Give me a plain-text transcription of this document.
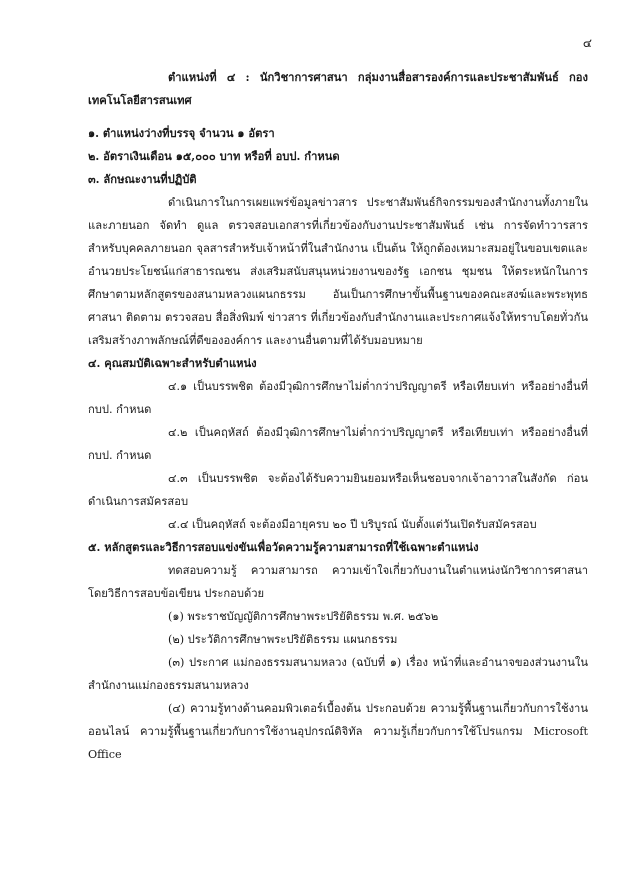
๔

ตำแหน่งที่ ๔ : นักวิชาการศาสนา กลุ่มงานสื่อสารองค์การและประชาสัมพันธ์ กองเทคโนโลยีสารสนเทศ

๑. ตำแหน่งว่างที่บรรจุ จำนวน ๑ อัตรา

๒. อัตราเงินเดือน ๑๕,๐๐๐ บาท หรือที่ อบป. กำหนด

๓. ลักษณะงานที่ปฏิบัติ

ดำเนินการในการเผยแพร่ข้อมูลข่าวสาร ประชาสัมพันธ์กิจกรรมของสำนักงานทั้งภายในและภายนอก จัดทำ ดูแล ตรวจสอบเอกสารที่เกี่ยวข้องกับงานประชาสัมพันธ์ เช่น การจัดทำวารสารสำหรับบุคคลภายนอก จุลสารสำหรับเจ้าหน้าที่ในสำนักงาน เป็นต้น ให้ถูกต้องเหมาะสมอยู่ในขอบเขตและอำนวยประโยชน์แก่สาธารณชน ส่งเสริมสนับสนุนหน่วยงานของรัฐ เอกชน ชุมชน ให้ตระหนักในการศึกษาตามหลักสูตรของสนามหลวงแผนกธรรม อันเป็นการศึกษาขั้นพื้นฐานของคณะสงฆ์และพระพุทธศาสนา ติดตาม ตรวจสอบ สื่อสิ่งพิมพ์ ข่าวสาร ที่เกี่ยวข้องกับสำนักงานและประกาศแจ้งให้ทราบโดยทั่วกัน เสริมสร้างภาพลักษณ์ที่ดีขององค์การ และงานอื่นตามที่ได้รับมอบหมาย

๔. คุณสมบัติเฉพาะสำหรับตำแหน่ง

๔.๑ เป็นบรรพชิต ต้องมีวุฒิการศึกษาไม่ต่ำกว่าปริญญาตรี หรือเทียบเท่า หรืออย่างอื่นที่ กบป. กำหนด

๔.๒ เป็นคฤหัสถ์ ต้องมีวุฒิการศึกษาไม่ต่ำกว่าปริญญาตรี หรือเทียบเท่า หรืออย่างอื่นที่ กบป. กำหนด

๔.๓ เป็นบรรพชิต จะต้องได้รับความยินยอมหรือเห็นชอบจากเจ้าอาวาสในสังกัด ก่อนดำเนินการสมัครสอบ

๔.๔ เป็นคฤหัสถ์ จะต้องมีอายุครบ ๒๐ ปี บริบูรณ์ นับตั้งแต่วันเปิดรับสมัครสอบ

๕. หลักสูตรและวิธีการสอบแข่งขันเพื่อวัดความรู้ความสามารถที่ใช้เฉพาะตำแหน่ง

ทดสอบความรู้ ความสามารถ ความเข้าใจเกี่ยวกับงานในตำแหน่งนักวิชาการศาสนา โดยวิธีการสอบข้อเขียน ประกอบด้วย

(๑) พระราชบัญญัติการศึกษาพระปริยัติธรรม พ.ศ. ๒๕๖๒

(๒) ประวัติการศึกษาพระปริยัติธรรม แผนกธรรม

(๓) ประกาศ แม่กองธรรมสนามหลวง (ฉบับที่ ๑) เรื่อง หน้าที่และอำนาจของส่วนงานในสำนักงานแม่กองธรรมสนามหลวง

(๔) ความรู้ทางด้านคอมพิวเตอร์เบื้องต้น ประกอบด้วย ความรู้พื้นฐานเกี่ยวกับการใช้งานออนไลน์ ความรู้พื้นฐานเกี่ยวกับการใช้งานอุปกรณ์ดิจิทัล ความรู้เกี่ยวกับการใช้โปรแกรม Microsoft Office
